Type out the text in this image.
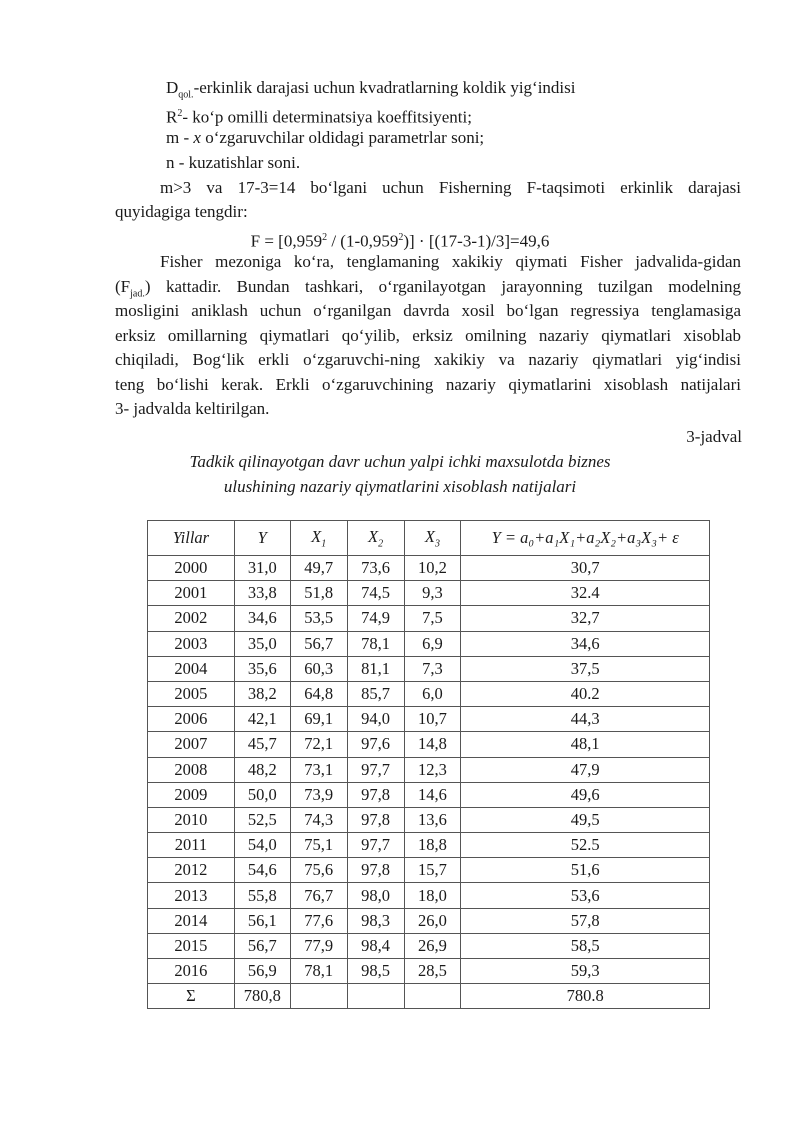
$D_{qol.}$-erkinlik darajasi uchun kvadratlarning koldik yig‘indisi
$R^2-$ ko‘p omilli determinatsiya koeffitsiyenti;
m - x o‘zgaruvchilar oldidagi parametrlar soni;
n - kuzatishlar soni.
m>3 va 17-3=14 bo‘lgani uchun Fisherning F-taqsimoti erkinlik darajasi
quyidagiga tengdir:
$F = [0,959^2 / (1-0,959^2)] \cdot [(17-3-1)/3]=49,6$
Fisher mezoniga ko‘ra, tenglamaning xakikiy qiymati Fisher jadvalida-gidan
$(F_{jad.})$ kattadir. Bundan tashkari, o‘rganilayotgan jarayonning tuzilgan modelning
mosligini aniklash uchun o‘rganilgan davrda xosil bo‘lgan regressiya tenglamasiga
erksiz omillarning qiymatlari qo‘yilib, erksiz omilning nazariy qiymatlari xisoblab
chiqiladi, Bog‘lik erkli o‘zgaruvchi-ning xakikiy va nazariy qiymatlari yig‘indisi
teng bo‘lishi kerak. Erkli o‘zgaruvchining nazariy qiymatlarini xisoblash natijalari
3- jadvalda keltirilgan.
3-jadval
Tadkik qilinayotgan davr uchun yalpi ichki maxsulotda biznes
ulushining nazariy qiymatlarini xisoblash natijalari
Yillar	Y	$X_1$	$X_2$	$X_3$	Y = a₀+a₁X₁+a₂X₂+a₃X₃+ ε
2000	31,0	49,7	73,6	10,2	30,7
2001	33,8	51,8	74,5	9,3	32.4
2002	34,6	53,5	74,9	7,5	32,7
2003	35,0	56,7	78,1	6,9	34,6
2004	35,6	60,3	81,1	7,3	37,5
2005	38,2	64,8	85,7	6,0	40.2
2006	42,1	69,1	94,0	10,7	44,3
2007	45,7	72,1	97,6	14,8	48,1
2008	48,2	73,1	97,7	12,3	47,9
2009	50,0	73,9	97,8	14,6	49,6
2010	52,5	74,3	97,8	13,6	49,5
2011	54,0	75,1	97,7	18,8	52.5
2012	54,6	75,6	97,8	15,7	51,6
2013	55,8	76,7	98,0	18,0	53,6
2014	56,1	77,6	98,3	26,0	57,8
2015	56,7	77,9	98,4	26,9	58,5
2016	56,9	78,1	98,5	28,5	59,3
Σ	780,8				780.8
